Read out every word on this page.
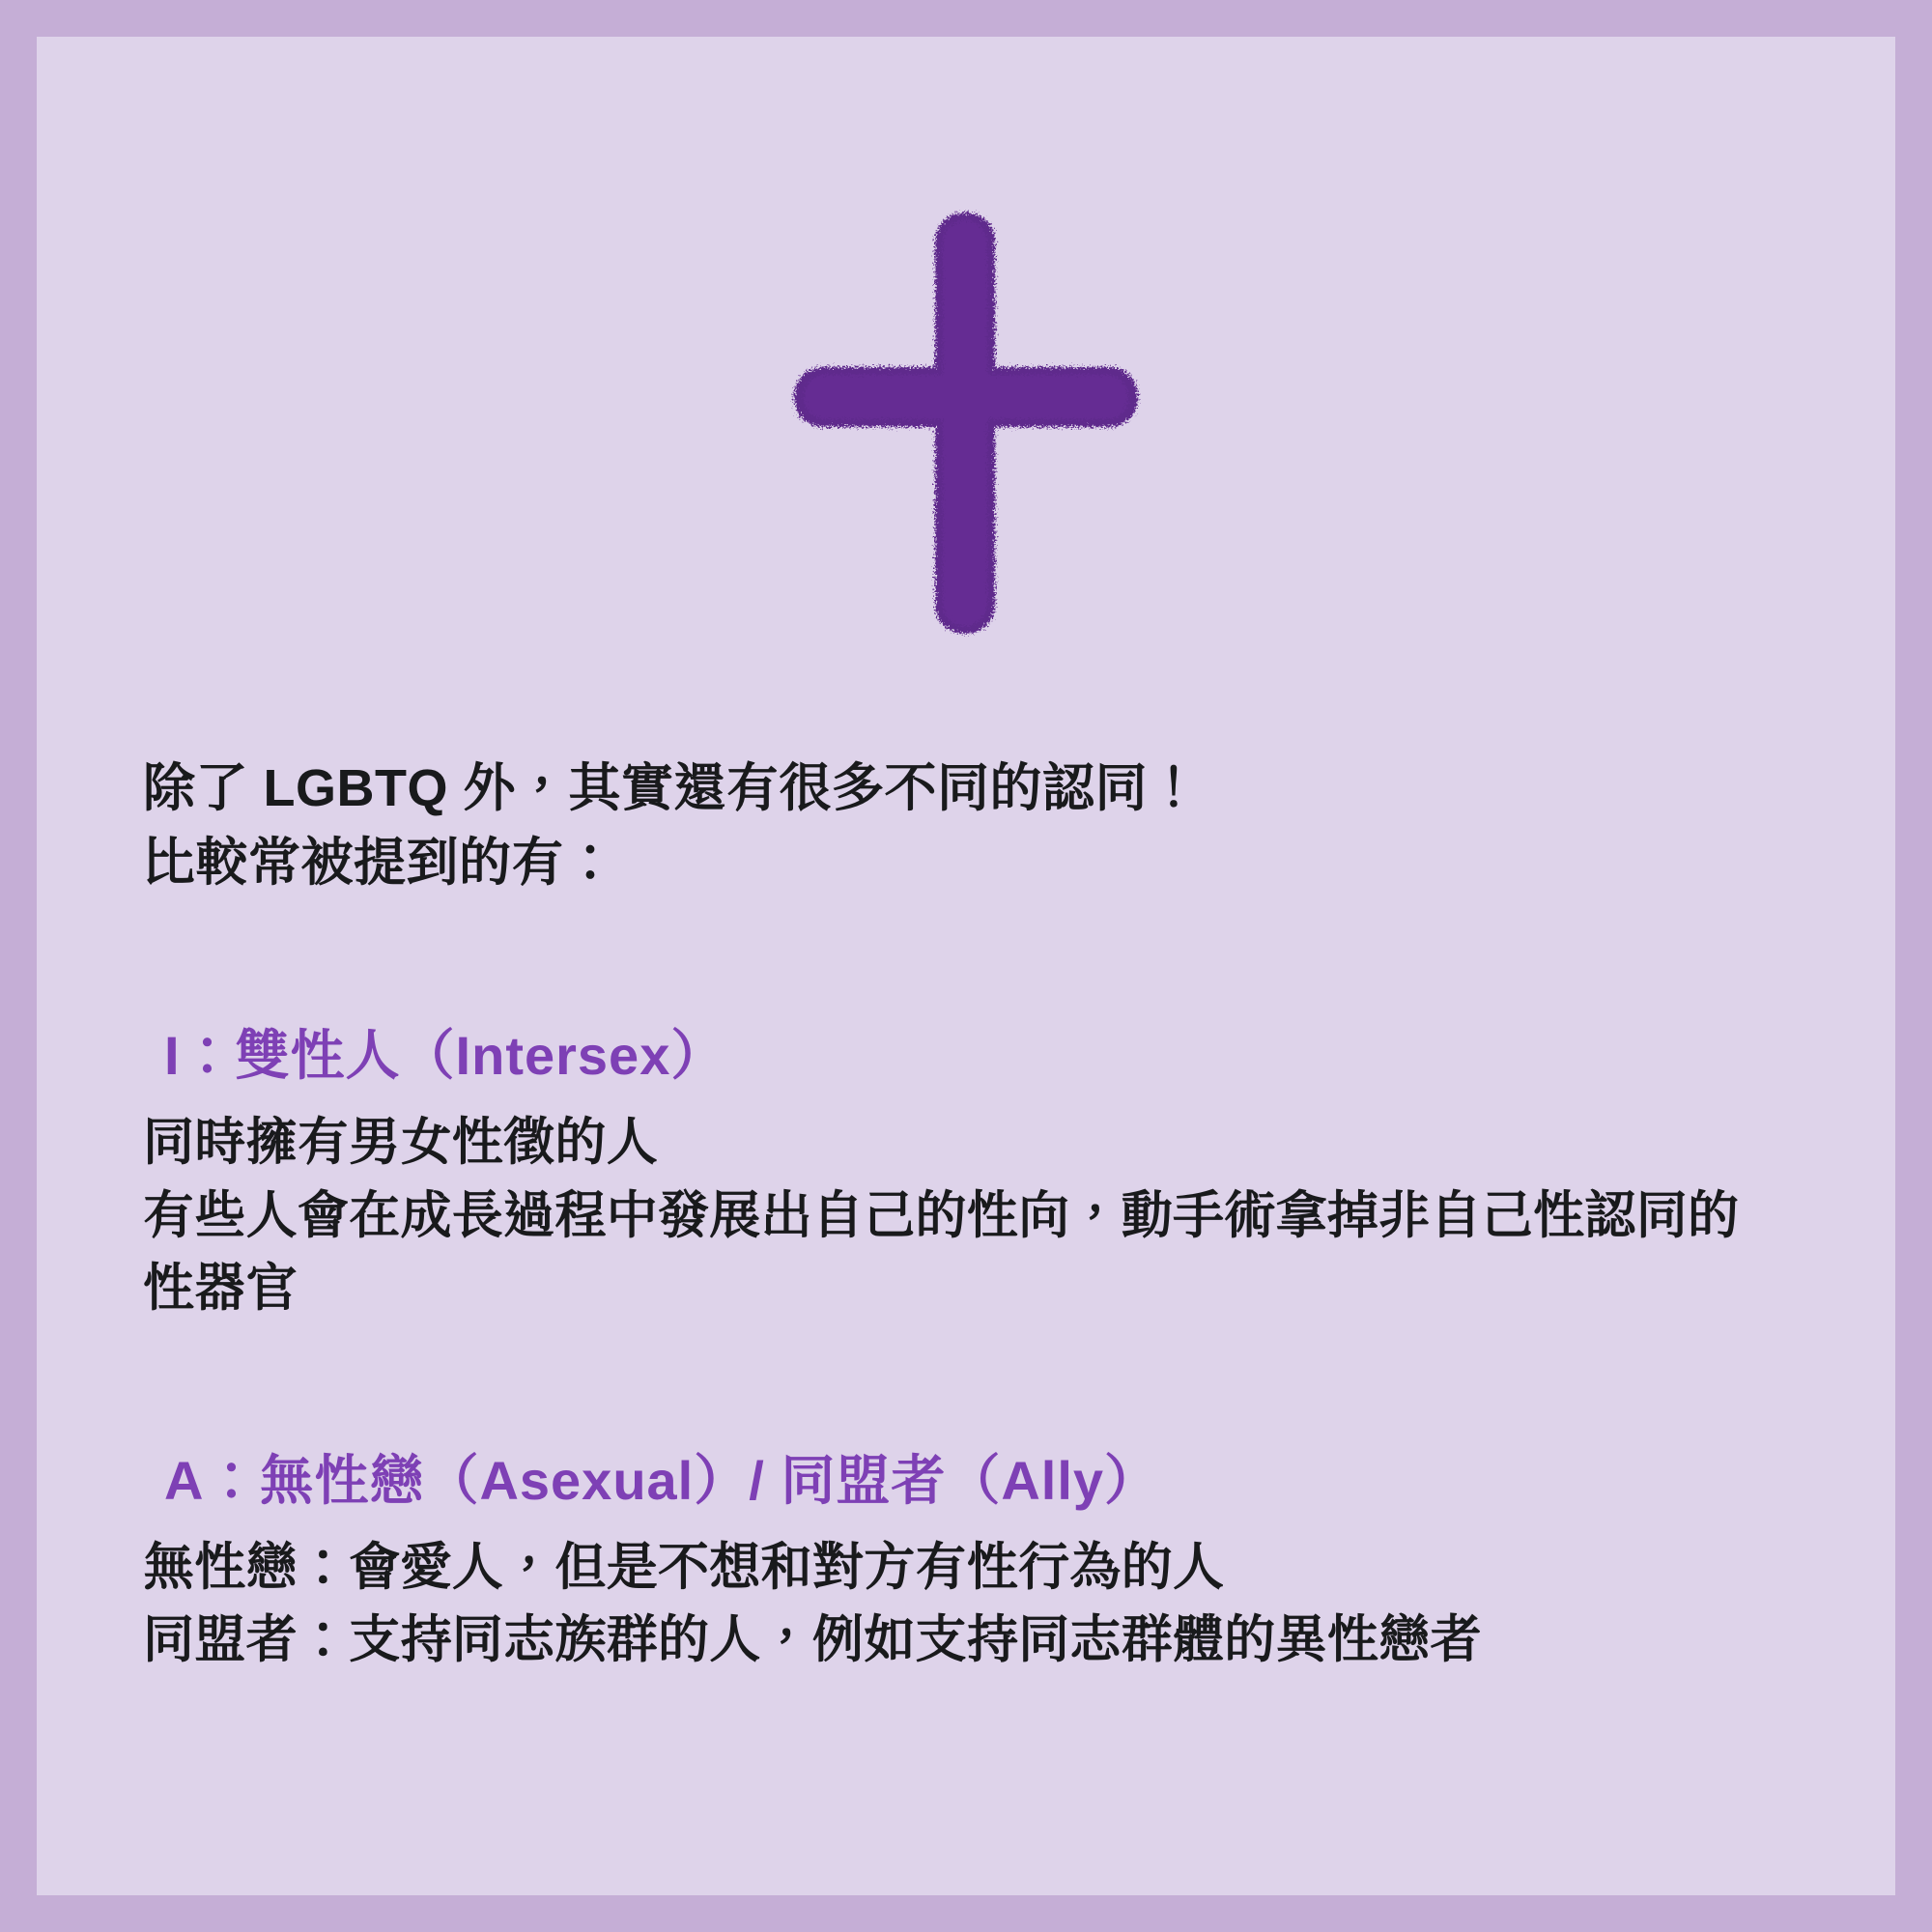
除了 LGBTQ 外，其實還有很多不同的認同！
比較常被提到的有：
I：雙性人（Intersex）
同時擁有男女性徵的人
有些人會在成長過程中發展出自己的性向，動手術拿掉非自己性認同的性器官
A：無性戀（Asexual）/ 同盟者（Ally）
無性戀：會愛人，但是不想和對方有性行為的人
同盟者：支持同志族群的人，例如支持同志群體的異性戀者
